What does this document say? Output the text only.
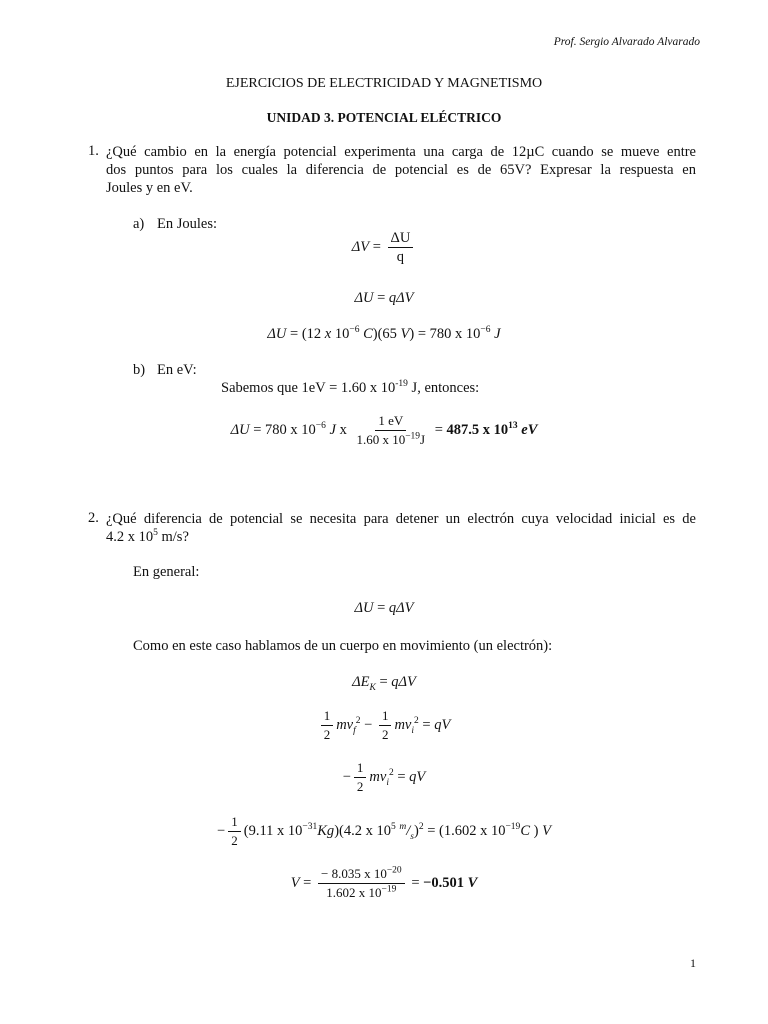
Prof. Sergio Alvarado Alvarado
EJERCICIOS DE ELECTRICIDAD Y MAGNETISMO
UNIDAD 3. POTENCIAL ELÉCTRICO
1. ¿Qué cambio en la energía potencial experimenta una carga de 12µC cuando se mueve entre
dos puntos para los cuales la diferencia de potencial es de 65V? Expresar la respuesta en
Joules y en eV.
a) En Joules:
$\Delta V = \frac{\Delta U}{q}$
ΔU = qΔV
ΔU = (12 x $10^{-6}$ C)(65 V) = 780 x $10^{-6}$ J
b) En eV:
Sabemos que 1eV = 1.60 x $10^{-19}$ J, entonces:
ΔU = 780 x $10^{-6}$ J x $\frac{1 eV}{1.60 x 10^{-19}J} = 487.5$ x $10^{13}$ eV
2. ¿Qué diferencia de potencial se necesita para detener un electrón cuya velocidad inicial es de
4.2 x $10^5$ m/s?
En general:
ΔU = qΔV
Como en este caso hablamos de un cuerpo en movimiento (un electrón):
$\Delta E_K = q\Delta V$
$\frac{1}{2} mv_f^2 - \frac{1}{2} mv_i^2$ = qV
− $\frac{1}{2} mv_i^2$ = qV
− $\frac{1}{2} (9.11$ x $10^{-31}Kg)(4.2$ x $10^5$ $^m/_s)^2 = (1.602$ x $10^{-19}C$ ) V
$V = \frac{- 8.035 x 10^{-20}}{1.602 x 10^{-19}} = -0.501$ V
1
